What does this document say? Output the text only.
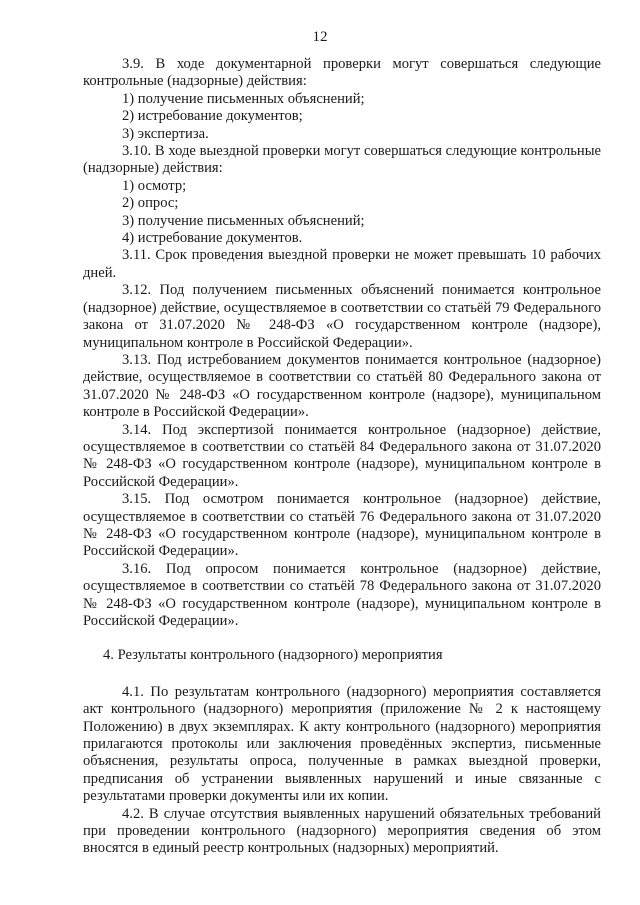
12

3.9. В ходе документарной проверки могут совершаться следующие контрольные (надзорные) действия:

1) получение письменных объяснений;

2) истребование документов;

3) экспертиза.

3.10. В ходе выездной проверки могут совершаться следующие контрольные (надзорные) действия:

1) осмотр;

2) опрос;

3) получение письменных объяснений;

4) истребование документов.

3.11. Срок проведения выездной проверки не может превышать 10 рабочих дней.

3.12. Под получением письменных объяснений понимается контрольное (надзорное) действие, осуществляемое в соответствии со статьёй 79 Федерального закона от 31.07.2020 № 248-ФЗ «О государственном контроле (надзоре), муниципальном контроле в Российской Федерации».

3.13. Под истребованием документов понимается контрольное (надзорное) действие, осуществляемое в соответствии со статьёй 80 Федерального закона от 31.07.2020 № 248-ФЗ «О государственном контроле (надзоре), муниципальном контроле в Российской Федерации».

3.14. Под экспертизой понимается контрольное (надзорное) действие, осуществляемое в соответствии со статьёй 84 Федерального закона от 31.07.2020 № 248-ФЗ «О государственном контроле (надзоре), муниципальном контроле в Российской Федерации».

3.15. Под осмотром понимается контрольное (надзорное) действие, осуществляемое в соответствии со статьёй 76 Федерального закона от 31.07.2020 № 248-ФЗ «О государственном контроле (надзоре), муниципальном контроле в Российской Федерации».

3.16. Под опросом понимается контрольное (надзорное) действие, осуществляемое в соответствии со статьёй 78 Федерального закона от 31.07.2020 № 248-ФЗ «О государственном контроле (надзоре), муниципальном контроле в Российской Федерации».

4. Результаты контрольного (надзорного) мероприятия

4.1. По результатам контрольного (надзорного) мероприятия составляется акт контрольного (надзорного) мероприятия (приложение № 2 к настоящему Положению) в двух экземплярах. К акту контрольного (надзорного) мероприятия прилагаются протоколы или заключения проведённых экспертиз, письменные объяснения, результаты опроса, полученные в рамках выездной проверки, предписания об устранении выявленных нарушений и иные связанные с результатами проверки документы или их копии.

4.2. В случае отсутствия выявленных нарушений обязательных требований при проведении контрольного (надзорного) мероприятия сведения об этом вносятся в единый реестр контрольных (надзорных) мероприятий.
